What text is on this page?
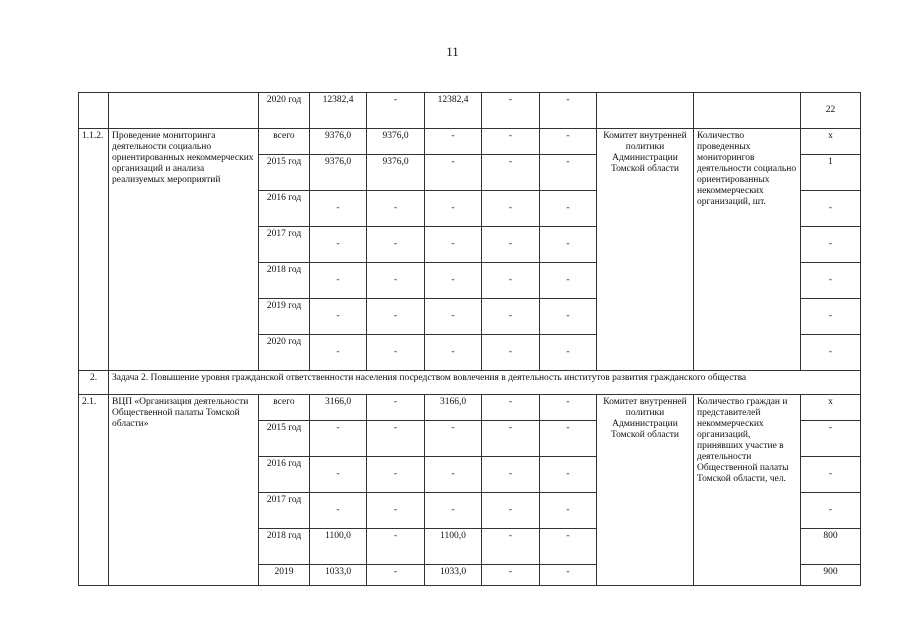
11
		2020 год	12382,4	-	12382,4	-	-			22
1.1.2.	Проведение мониторинга деятельности социально ориентированных некоммерческих организаций и анализа реализуемых мероприятий	всего	9376,0	9376,0	-	-	-	Комитет внутренней политики Администрации Томской области	Количество проведенных мониторингов деятельности социально ориентированных некоммерческих организаций, шт.	x
		2015 год	9376,0	9376,0	-	-	-			1
		2016 год	-	-	-	-	-			-
		2017 год	-	-	-	-	-			-
		2018 год	-	-	-	-	-			-
		2019 год	-	-	-	-	-			-
		2020 год	-	-	-	-	-			-
2.	Задача 2. Повышение уровня гражданской ответственности населения посредством вовлечения в деятельность институтов развития гражданского общества									
2.1.	ВЦП «Организация деятельности Общественной палаты Томской области»	всего	3166,0	-	3166,0	-	-	Комитет внутренней политики Администрации Томской области	Количество граждан и представителей некоммерческих организаций, принявших участие в деятельности Общественной палаты Томской области, чел.	x
		2015 год	-	-	-	-	-			-
		2016 год	-	-	-	-	-			-
		2017 год	-	-	-	-	-			-
		2018 год	1100,0	-	1100,0	-	-			800
		2019	1033,0	-	1033,0	-	-			900
